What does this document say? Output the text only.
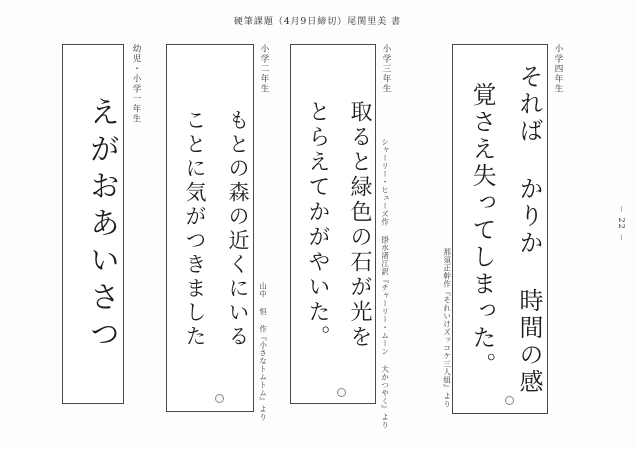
硬筆課題（4月9日締切）尾関里美 書
－ 22 －
幼児・小学一年生
えがおあいさつ
小学二年生
もとの森の近くにいる
ことに気がつきました
山中 恒 作『小さなトムトム』より
小学三年生
取ると緑色の石が光を
とらえてかがやいた。	シャーリー・ヒューズ作 掛水渚江訳『チャーリー・ムーン 大かつやく』より
小学四年生
それば かりか 時間の感
覚さえ失ってしまった。
那須正幹作『それいけズッコケ三人組』より
